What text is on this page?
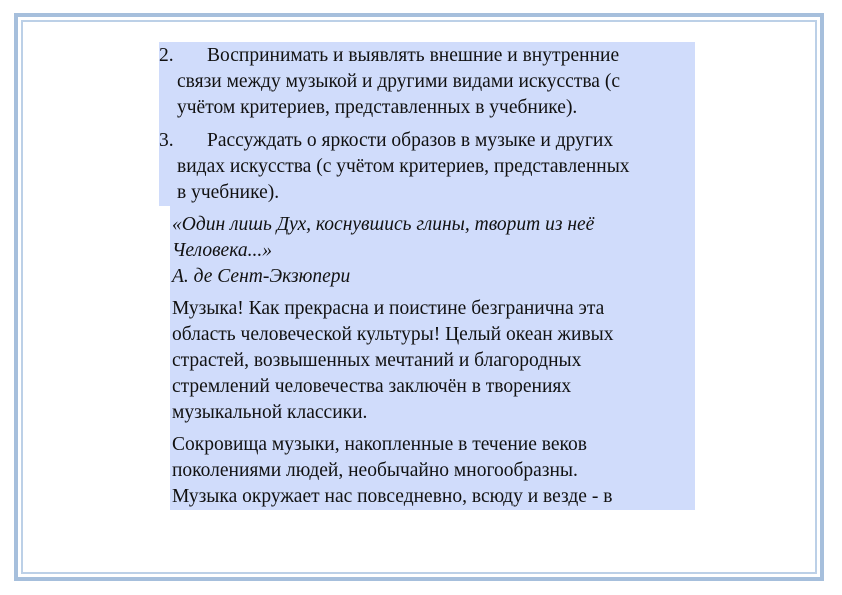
2. Воспринимать и выявлять внешние и внутренние
связи между музыкой и другими видами искусства (с
учётом критериев, представленных в учебнике).
3. Рассуждать о яркости образов в музыке и других
видах искусства (с учётом критериев, представленных
в учебнике).
«Один лишь Дух, коснувшись глины, творит из неё
Человека...»
А. де Сент-Экзюпери
Музыка! Как прекрасна и поистине безгранична эта
область человеческой культуры! Целый океан живых
страстей, возвышенных мечтаний и благородных
стремлений человечества заключён в творениях
музыкальной классики.
Сокровища музыки, накопленные в течение веков
поколениями людей, необычайно многообразны.
Музыка окружает нас повседневно, всюду и везде - в
